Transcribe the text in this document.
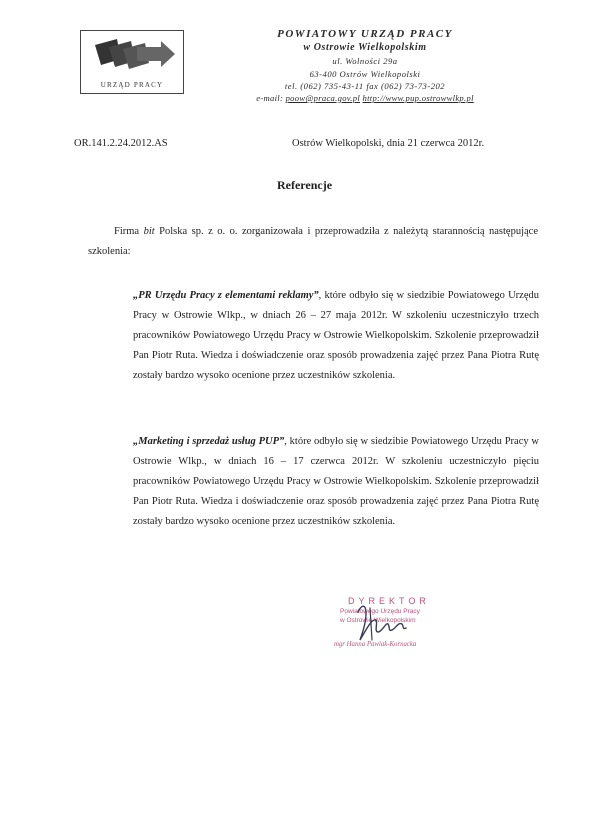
URZĄD PRACY
POWIATOWY URZĄD PRACY
w Ostrowie Wielkopolskim
ul. Wolności 29a
63-400 Ostrów Wielkopolski
tel. (062) 735-43-11 fax (062) 73-73-202
e-mail: poow@praca.gov.pl http://www.pup.ostrowwlkp.pl
OR.141.2.24.2012.AS	Ostrów Wielkopolski, dnia 21 czerwca 2012r.
Referencje
Firma bit Polska sp. z o. o. zorganizowała i przeprowadziła z należytą starannością następujące szkolenia:
„PR Urzędu Pracy z elementami reklamy”, które odbyło się w siedzibie Powiatowego Urzędu Pracy w Ostrowie Wlkp., w dniach 26 – 27 maja 2012r. W szkoleniu uczestniczyło trzech pracowników Powiatowego Urzędu Pracy w Ostrowie Wielkopolskim. Szkolenie przeprowadził Pan Piotr Ruta. Wiedza i doświadczenie oraz sposób prowadzenia zajęć przez Pana Piotra Rutę zostały bardzo wysoko ocenione przez uczestników szkolenia.
„Marketing i sprzedaż usług PUP”, które odbyło się w siedzibie Powiatowego Urzędu Pracy w Ostrowie Wlkp., w dniach 16 – 17 czerwca 2012r. W szkoleniu uczestniczyło pięciu pracowników Powiatowego Urzędu Pracy w Ostrowie Wielkopolskim. Szkolenie przeprowadził Pan Piotr Ruta. Wiedza i doświadczenie oraz sposób prowadzenia zajęć przez Pana Piotra Rutę zostały bardzo wysoko ocenione przez uczestników szkolenia.
DYREKTOR
Powiatowego Urzędu Pracy
w Ostrowie Wielkopolskim
mgr Hanna Pawlak-Kornacka
